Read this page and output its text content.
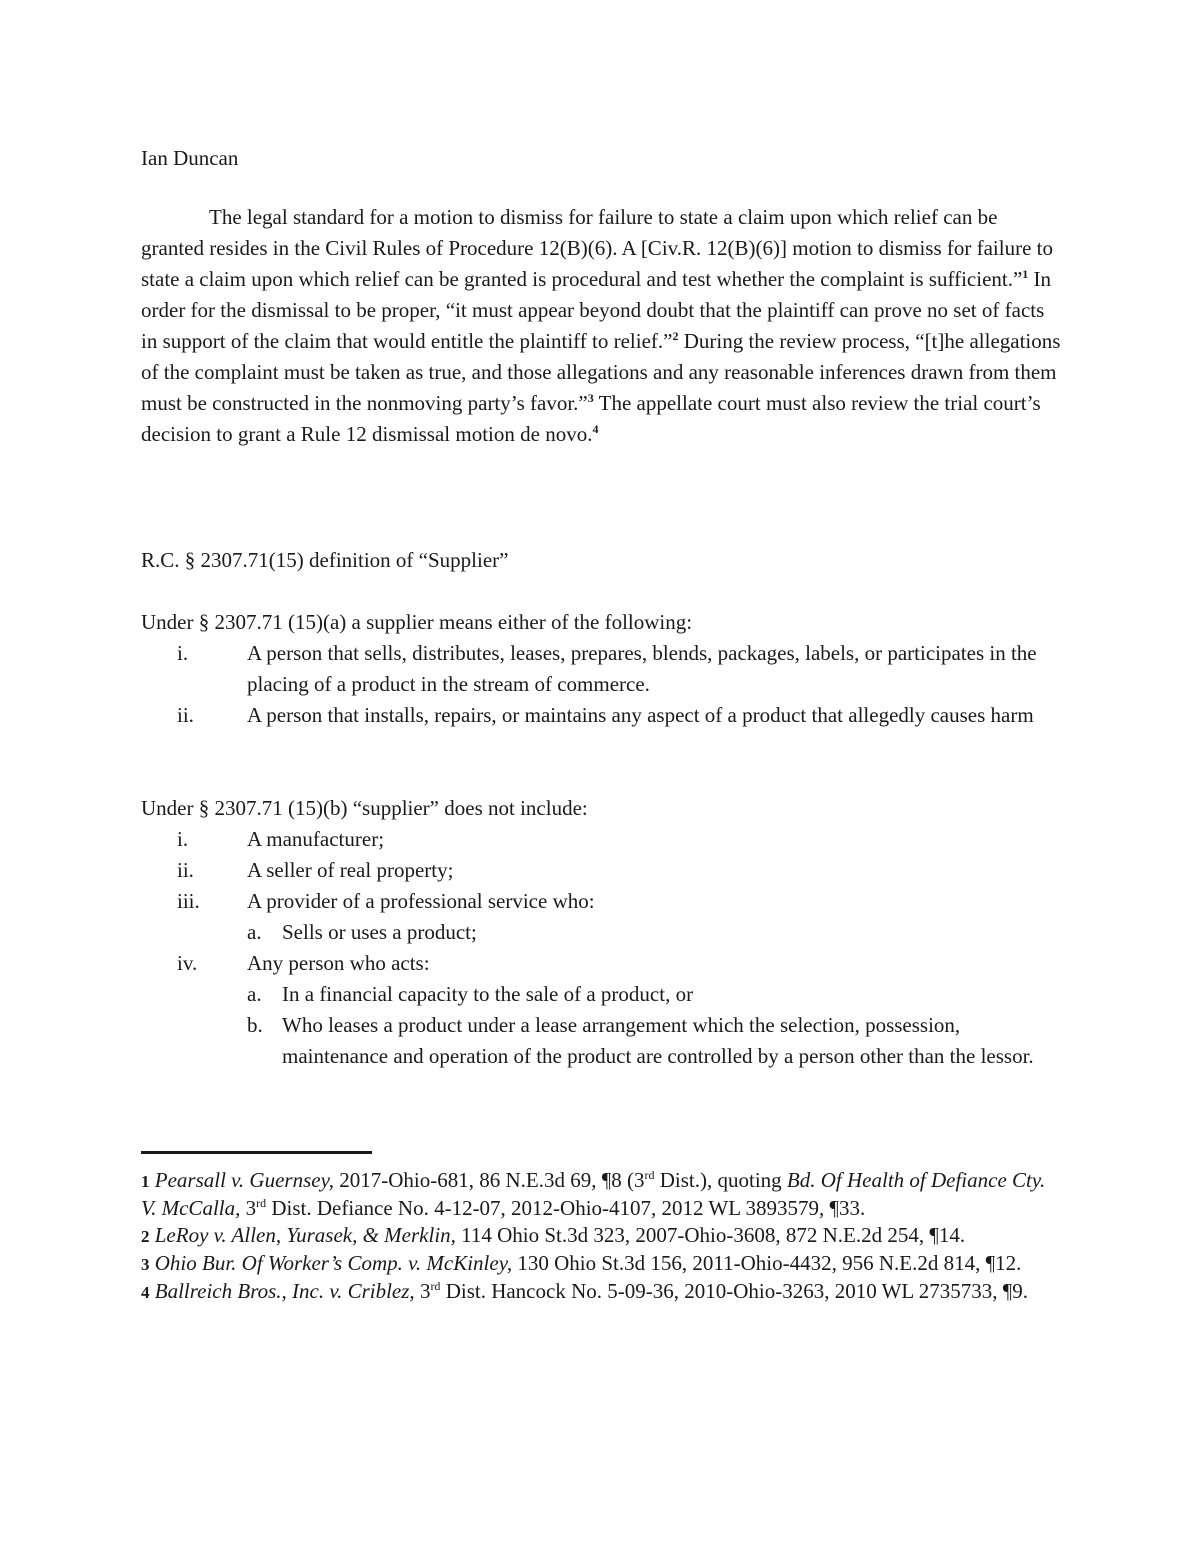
Ian Duncan
The legal standard for a motion to dismiss for failure to state a claim upon which relief can be granted resides in the Civil Rules of Procedure 12(B)(6). A [Civ.R. 12(B)(6)] motion to dismiss for failure to state a claim upon which relief can be granted is procedural and test whether the complaint is sufficient.”$^1$ In order for the dismissal to be proper, “it must appear beyond doubt that the plaintiff can prove no set of facts in support of the claim that would entitle the plaintiff to relief.”$^2$ During the review process, “[t]he allegations of the complaint must be taken as true, and those allegations and any reasonable inferences drawn from them must be constructed in the nonmoving party’s favor.”$^3$ The appellate court must also review the trial court’s decision to grant a Rule 12 dismissal motion de novo.$^4$
R.C. § 2307.71(15) definition of “Supplier”
Under § 2307.71 (15)(a) a supplier means either of the following:
i.	A person that sells, distributes, leases, prepares, blends, packages, labels, or participates in the placing of a product in the stream of commerce.
ii.	A person that installs, repairs, or maintains any aspect of a product that allegedly causes harm
Under § 2307.71 (15)(b) “supplier” does not include:
i.	A manufacturer;
ii.	A seller of real property;
iii.	A provider of a professional service who:
a. Sells or uses a product;
iv.	Any person who acts:
a. In a financial capacity to the sale of a product, or
b. Who leases a product under a lease arrangement which the selection, possession, maintenance and operation of the product are controlled by a person other than the lessor.

1 Pearsall v. Guernsey, 2017-Ohio-681, 86 N.E.3d 69, ¶8 (3rd Dist.), quoting Bd. Of Health of Defiance Cty. V. McCalla, 3rd Dist. Defiance No. 4-12-07, 2012-Ohio-4107, 2012 WL 3893579, ¶33.

2 LeRoy v. Allen, Yurasek, & Merklin, 114 Ohio St.3d 323, 2007-Ohio-3608, 872 N.E.2d 254, ¶14.

3 Ohio Bur. Of Worker’s Comp. v. McKinley, 130 Ohio St.3d 156, 2011-Ohio-4432, 956 N.E.2d 814, ¶12.

4 Ballreich Bros., Inc. v. Criblez, 3rd Dist. Hancock No. 5-09-36, 2010-Ohio-3263, 2010 WL 2735733, ¶9.
